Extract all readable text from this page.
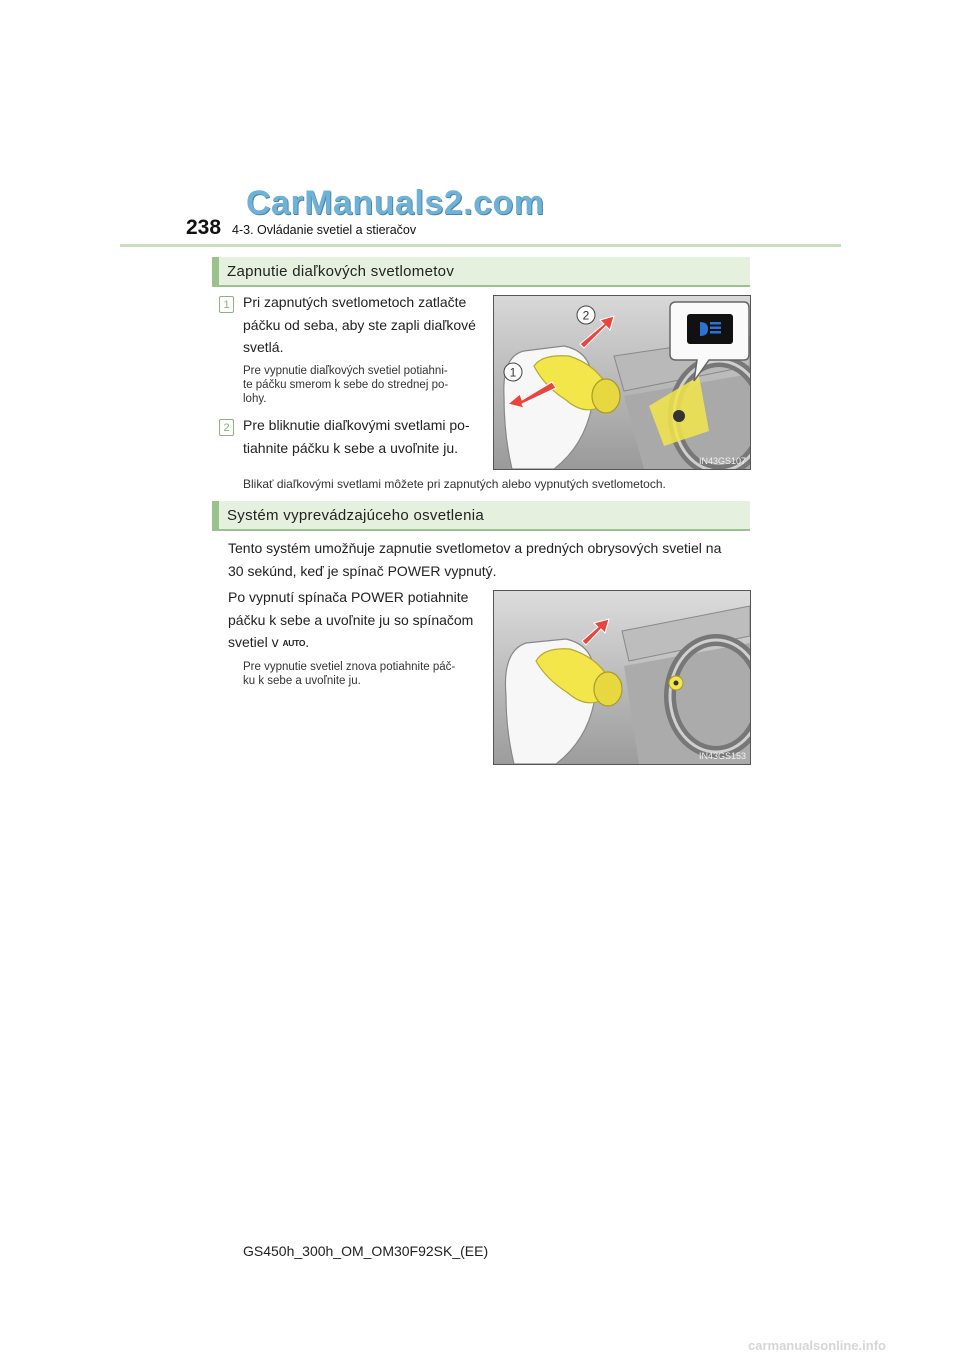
CarManuals2.com
238 4-3. Ovládanie svetiel a stieračov
Zapnutie diaľkových svetlometov
1 Pri zapnutých svetlometoch zatlačte
páčku od seba, aby ste zapli diaľkové
svetlá.
Pre vypnutie diaľkových svetiel potiahni-
te páčku smerom k sebe do strednej po-
lohy.
2 Pre bliknutie diaľkovými svetlami po-
tiahnite páčku k sebe a uvoľnite ju.
2
1
IN43GS107
Blikať diaľkovými svetlami môžete pri zapnutých alebo vypnutých svetlometoch.
Systém vyprevádzajúceho osvetlenia
Tento systém umožňuje zapnutie svetlometov a predných obrysových svetiel na
30 sekúnd, keď je spínač POWER vypnutý.
Po vypnutí spínača POWER potiahnite
páčku k sebe a uvoľnite ju so spínačom
svetiel v AUTO.
Pre vypnutie svetiel znova potiahnite páč-
ku k sebe a uvoľnite ju.
IN43GS153
GS450h_300h_OM_OM30F92SK_(EE)
carmanualsonline.info
